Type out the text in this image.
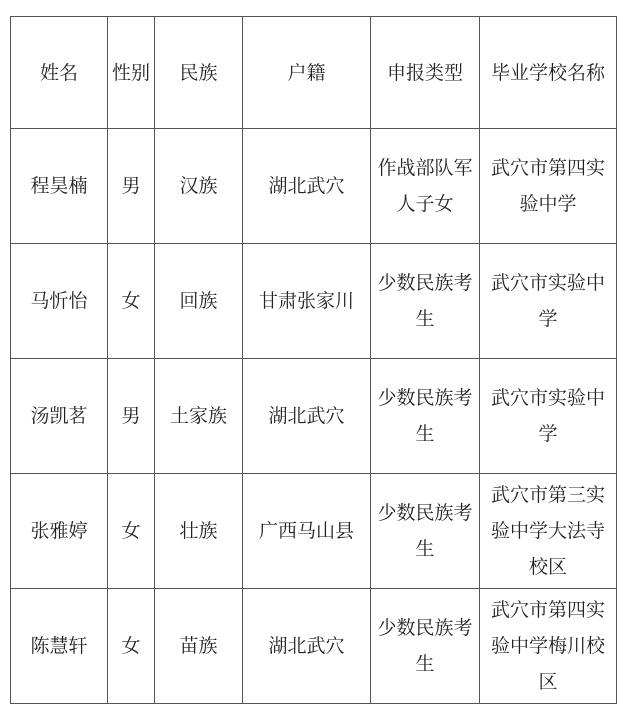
姓名	性别	民族	户籍	申报类型	毕业学校名称
程昊楠	男	汉族	湖北武穴	作战部队军人子女	武穴市第四实验中学
马忻怡	女	回族	甘肃张家川	少数民族考生	武穴市实验中学
汤凯茗	男	土家族	湖北武穴	少数民族考生	武穴市实验中学
张雅婷	女	壮族	广西马山县	少数民族考生	武穴市第三实验中学大法寺校区
陈慧轩	女	苗族	湖北武穴	少数民族考生	武穴市第四实验中学梅川校区
